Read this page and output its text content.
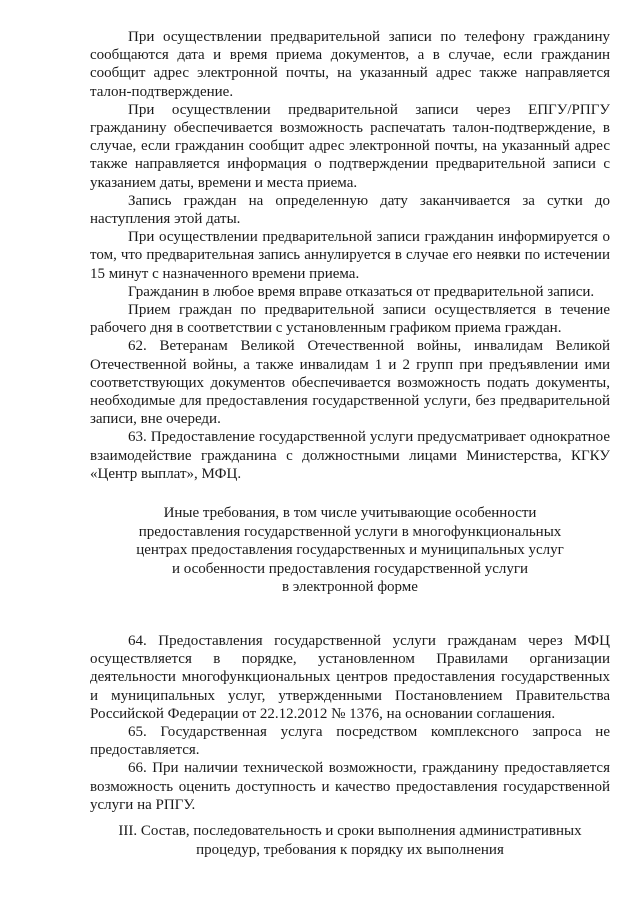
При осуществлении предварительной записи по телефону гражданину сообщаются дата и время приема документов, а в случае, если гражданин сообщит адрес электронной почты, на указанный адрес также направляется талон-подтверждение.

При осуществлении предварительной записи через ЕПГУ/РПГУ гражданину обеспечивается возможность распечатать талон-подтверждение, в случае, если гражданин сообщит адрес электронной почты, на указанный адрес также направляется информация о подтверждении предварительной записи с указанием даты, времени и места приема.

Запись граждан на определенную дату заканчивается за сутки до наступления этой даты.

При осуществлении предварительной записи гражданин информируется о том, что предварительная запись аннулируется в случае его неявки по истечении 15 минут с назначенного времени приема.

Гражданин в любое время вправе отказаться от предварительной записи.

Прием граждан по предварительной записи осуществляется в течение рабочего дня в соответствии с установленным графиком приема граждан.

62. Ветеранам Великой Отечественной войны, инвалидам Великой Отечественной войны, а также инвалидам 1 и 2 групп при предъявлении ими соответствующих документов обеспечивается возможность подать документы, необходимые для предоставления государственной услуги, без предварительной записи, вне очереди.

63. Предоставление государственной услуги предусматривает однократное взаимодействие гражданина с должностными лицами Министерства, КГКУ «Центр выплат», МФЦ.

Иные требования, в том числе учитывающие особенности
предоставления государственной услуги в многофункциональных
центрах предоставления государственных и муниципальных услуг
и особенности предоставления государственной услуги
в электронной форме

64. Предоставления государственной услуги гражданам через МФЦ осуществляется в порядке, установленном Правилами организации деятельности многофункциональных центров предоставления государственных и муниципальных услуг, утвержденными Постановлением Правительства Российской Федерации от 22.12.2012 № 1376, на основании соглашения.

65. Государственная услуга посредством комплексного запроса не предоставляется.

66. При наличии технической возможности, гражданину предоставляется возможность оценить доступность и качество предоставления государственной услуги на РПГУ.

III. Состав, последовательность и сроки выполнения административных
процедур, требования к порядку их выполнения
